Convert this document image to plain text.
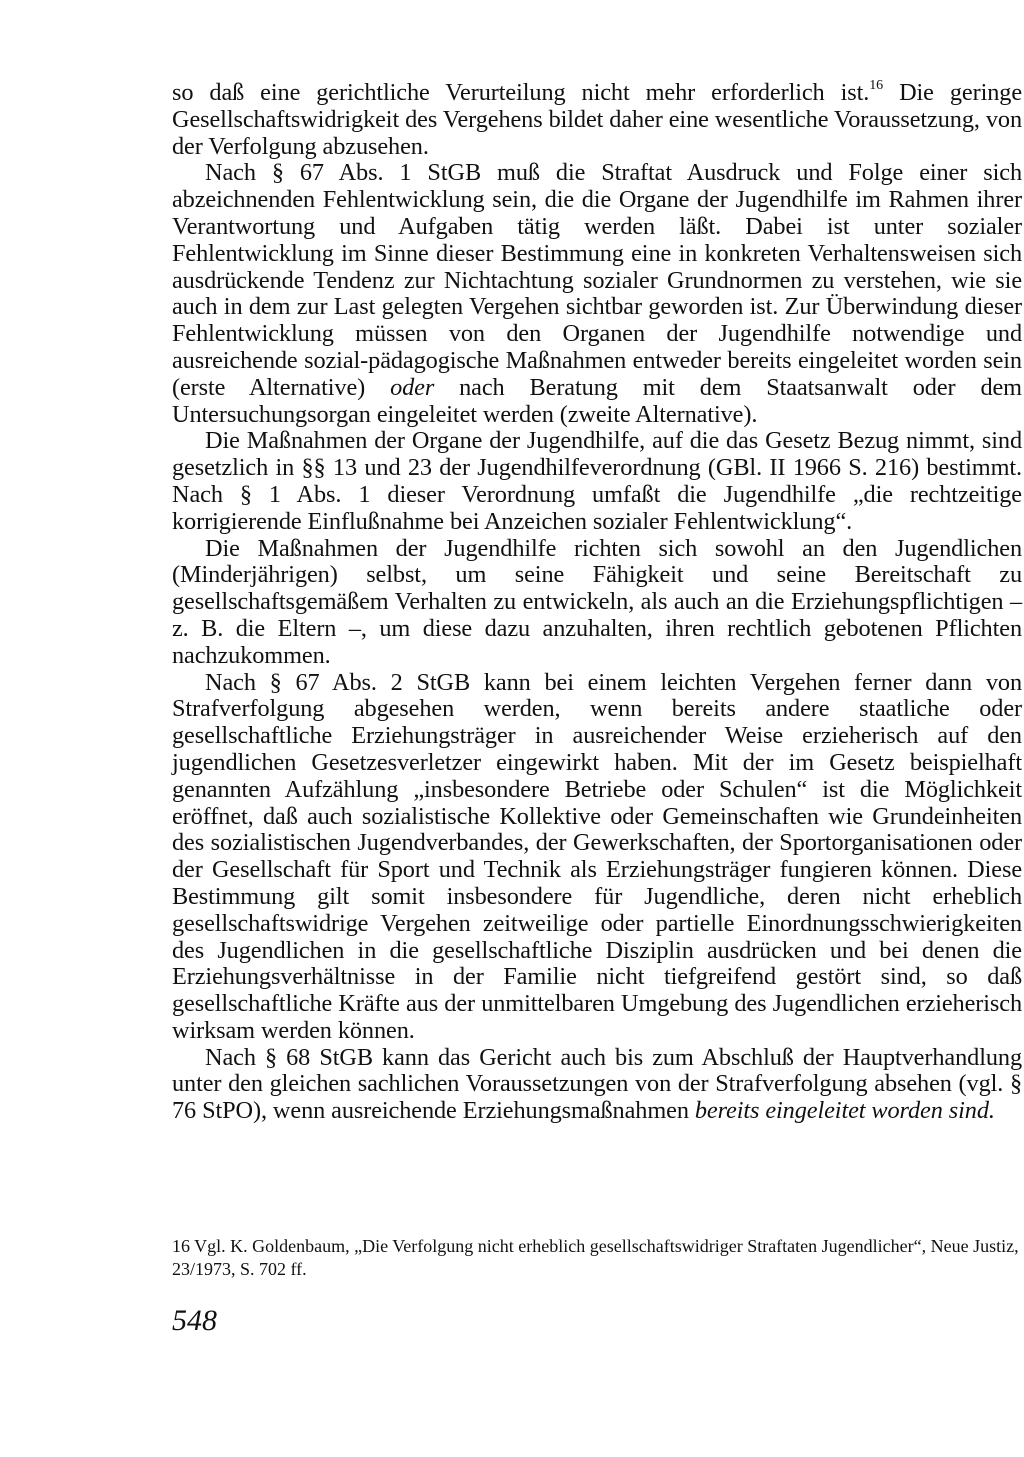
so daß eine gerichtliche Verurteilung nicht mehr erforderlich ist.$^{16}$ Die geringe Gesellschaftswidrigkeit des Vergehens bildet daher eine wesentliche Voraussetzung, von der Verfolgung abzusehen.

Nach § 67 Abs. 1 StGB muß die Straftat Ausdruck und Folge einer sich abzeichnenden Fehlentwicklung sein, die die Organe der Jugendhilfe im Rahmen ihrer Verantwortung und Aufgaben tätig werden läßt. Dabei ist unter sozialer Fehlentwicklung im Sinne dieser Bestimmung eine in konkreten Verhaltensweisen sich ausdrückende Tendenz zur Nichtachtung sozialer Grundnormen zu verstehen, wie sie auch in dem zur Last gelegten Vergehen sichtbar geworden ist. Zur Überwindung dieser Fehlentwicklung müssen von den Organen der Jugendhilfe notwendige und ausreichende sozial-pädagogische Maßnahmen entweder bereits eingeleitet worden sein (erste Alternative) oder nach Beratung mit dem Staatsanwalt oder dem Untersuchungsorgan eingeleitet werden (zweite Alternative).

Die Maßnahmen der Organe der Jugendhilfe, auf die das Gesetz Bezug nimmt, sind gesetzlich in §§ 13 und 23 der Jugendhilfeverordnung (GBl. II 1966 S. 216) bestimmt. Nach § 1 Abs. 1 dieser Verordnung umfaßt die Jugendhilfe „die rechtzeitige korrigierende Einflußnahme bei Anzeichen sozialer Fehlentwicklung“.

Die Maßnahmen der Jugendhilfe richten sich sowohl an den Jugendlichen (Minderjährigen) selbst, um seine Fähigkeit und seine Bereitschaft zu gesellschaftsgemäßem Verhalten zu entwickeln, als auch an die Erziehungspflichtigen – z. B. die Eltern –, um diese dazu anzuhalten, ihren rechtlich gebotenen Pflichten nachzukommen.

Nach § 67 Abs. 2 StGB kann bei einem leichten Vergehen ferner dann von Strafverfolgung abgesehen werden, wenn bereits andere staatliche oder gesellschaftliche Erziehungsträger in ausreichender Weise erzieherisch auf den jugendlichen Gesetzesverletzer eingewirkt haben. Mit der im Gesetz beispielhaft genannten Aufzählung „insbesondere Betriebe oder Schulen“ ist die Möglichkeit eröffnet, daß auch sozialistische Kollektive oder Gemeinschaften wie Grundeinheiten des sozialistischen Jugendverbandes, der Gewerkschaften, der Sportorganisationen oder der Gesellschaft für Sport und Technik als Erziehungsträger fungieren können. Diese Bestimmung gilt somit insbesondere für Jugendliche, deren nicht erheblich gesellschaftswidrige Vergehen zeitweilige oder partielle Einordnungsschwierigkeiten des Jugendlichen in die gesellschaftliche Disziplin ausdrücken und bei denen die Erziehungsverhältnisse in der Familie nicht tiefgreifend gestört sind, so daß gesellschaftliche Kräfte aus der unmittelbaren Umgebung des Jugendlichen erzieherisch wirksam werden können.

Nach § 68 StGB kann das Gericht auch bis zum Abschluß der Hauptverhandlung unter den gleichen sachlichen Voraussetzungen von der Strafverfolgung absehen (vgl. § 76 StPO), wenn ausreichende Erziehungsmaßnahmen bereits eingeleitet worden sind.

16 Vgl. K. Goldenbaum, „Die Verfolgung nicht erheblich gesellschaftswidriger Straftaten Jugendlicher“, Neue Justiz, 23/1973, S. 702 ff.

548
